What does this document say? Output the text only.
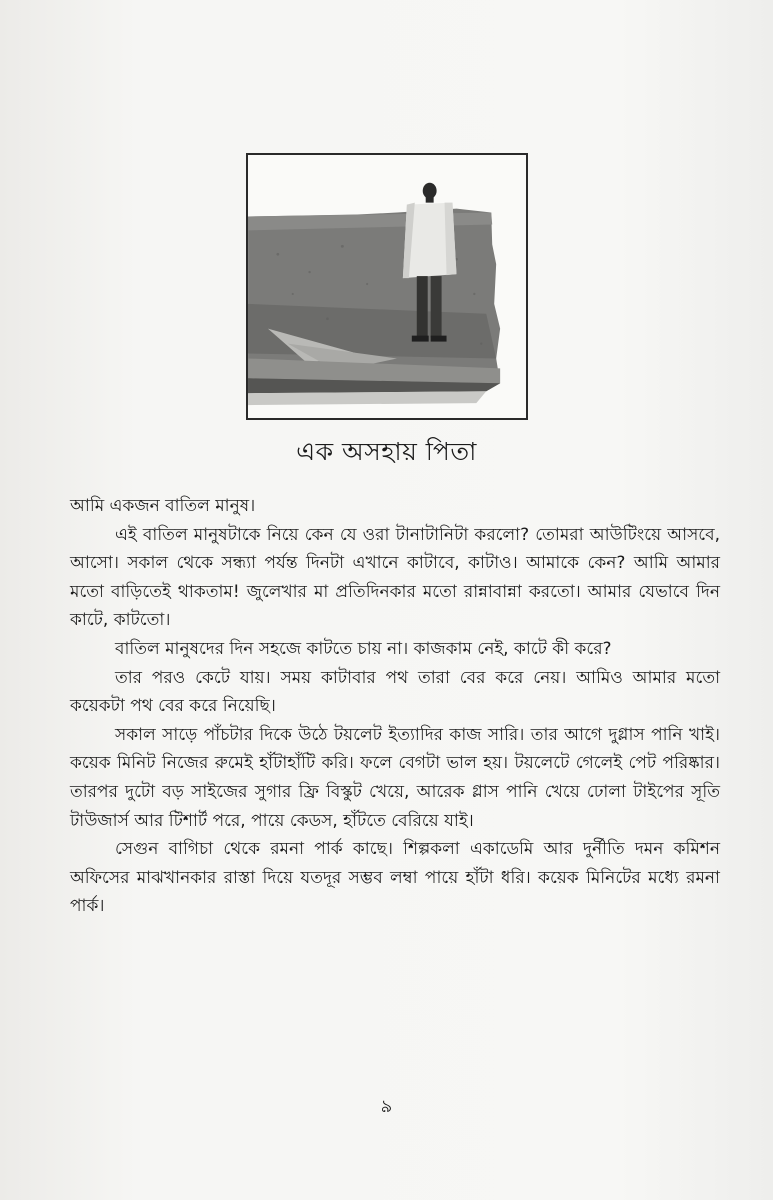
এক অসহায় পিতা

আমি একজন বাতিল মানুষ।

এই বাতিল মানুষটাকে নিয়ে কেন যে ওরা টানাটানিটা করলো? তোমরা আউটিংয়ে আসবে, আসো। সকাল থেকে সন্ধ্যা পর্যন্ত দিনটা এখানে কাটাবে, কাটাও। আমাকে কেন? আমি আমার মতো বাড়িতেই থাকতাম! জুলেখার মা প্রতিদিনকার মতো রান্নাবান্না করতো। আমার যেভাবে দিন কাটে, কাটতো।

বাতিল মানুষদের দিন সহজে কাটতে চায় না। কাজকাম নেই, কাটে কী করে?

তার পরও কেটে যায়। সময় কাটাবার পথ তারা বের করে নেয়। আমিও আমার মতো কয়েকটা পথ বের করে নিয়েছি।

সকাল সাড়ে পাঁচটার দিকে উঠে টয়লেট ইত্যাদির কাজ সারি। তার আগে দুগ্লাস পানি খাই। কয়েক মিনিট নিজের রুমেই হাঁটাহাঁটি করি। ফলে বেগটা ভাল হয়। টয়লেটে গেলেই পেট পরিষ্কার। তারপর দুটো বড় সাইজের সুগার ফ্রি বিস্কুট খেয়ে, আরেক গ্লাস পানি খেয়ে ঢোলা টাইপের সূতি টাউজার্স আর টিশার্ট পরে, পায়ে কেডস, হাঁটতে বেরিয়ে যাই।

সেগুন বাগিচা থেকে রমনা পার্ক কাছে। শিল্পকলা একাডেমি আর দুর্নীতি দমন কমিশন অফিসের মাঝখানকার রাস্তা দিয়ে যতদূর সম্ভব লম্বা পায়ে হাঁটা ধরি। কয়েক মিনিটের মধ্যে রমনা পার্ক।

৯
